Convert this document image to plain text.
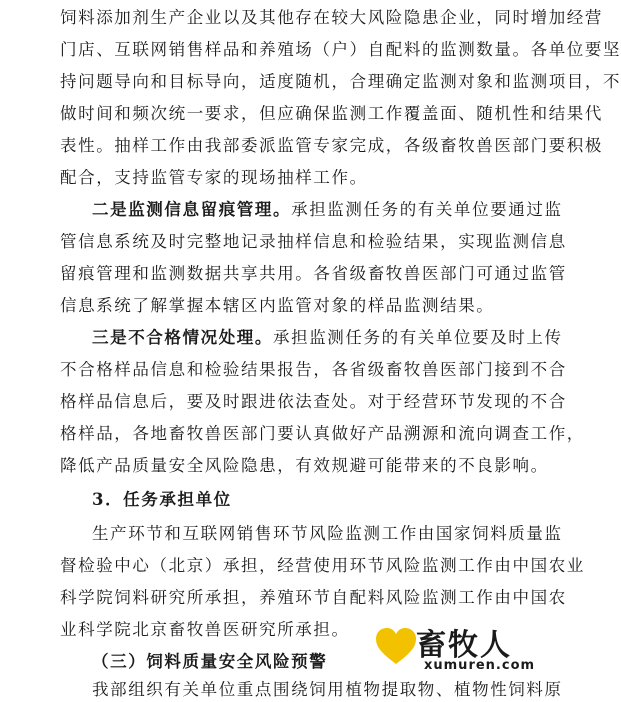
饲料添加剂生产企业以及其他存在较大风险隐患企业，同时增加经营
门店、互联网销售样品和养殖场（户）自配料的监测数量。各单位要坚
持问题导向和目标导向，适度随机，合理确定监测对象和监测项目，不
做时间和频次统一要求，但应确保监测工作覆盖面、随机性和结果代
表性。抽样工作由我部委派监管专家完成，各级畜牧兽医部门要积极
配合，支持监管专家的现场抽样工作。
二是监测信息留痕管理。承担监测任务的有关单位要通过监
管信息系统及时完整地记录抽样信息和检验结果，实现监测信息
留痕管理和监测数据共享共用。各省级畜牧兽医部门可通过监管
信息系统了解掌握本辖区内监管对象的样品监测结果。
三是不合格情况处理。承担监测任务的有关单位要及时上传
不合格样品信息和检验结果报告，各省级畜牧兽医部门接到不合
格样品信息后，要及时跟进依法查处。对于经营环节发现的不合
格样品，各地畜牧兽医部门要认真做好产品溯源和流向调查工作，
降低产品质量安全风险隐患，有效规避可能带来的不良影响。
3．任务承担单位
生产环节和互联网销售环节风险监测工作由国家饲料质量监
督检验中心（北京）承担，经营使用环节风险监测工作由中国农业
科学院饲料研究所承担，养殖环节自配料风险监测工作由中国农
业科学院北京畜牧兽医研究所承担。
（三）饲料质量安全风险预警
我部组织有关单位重点围绕饲用植物提取物、植物性饲料原
畜牧人
xumuren.com
